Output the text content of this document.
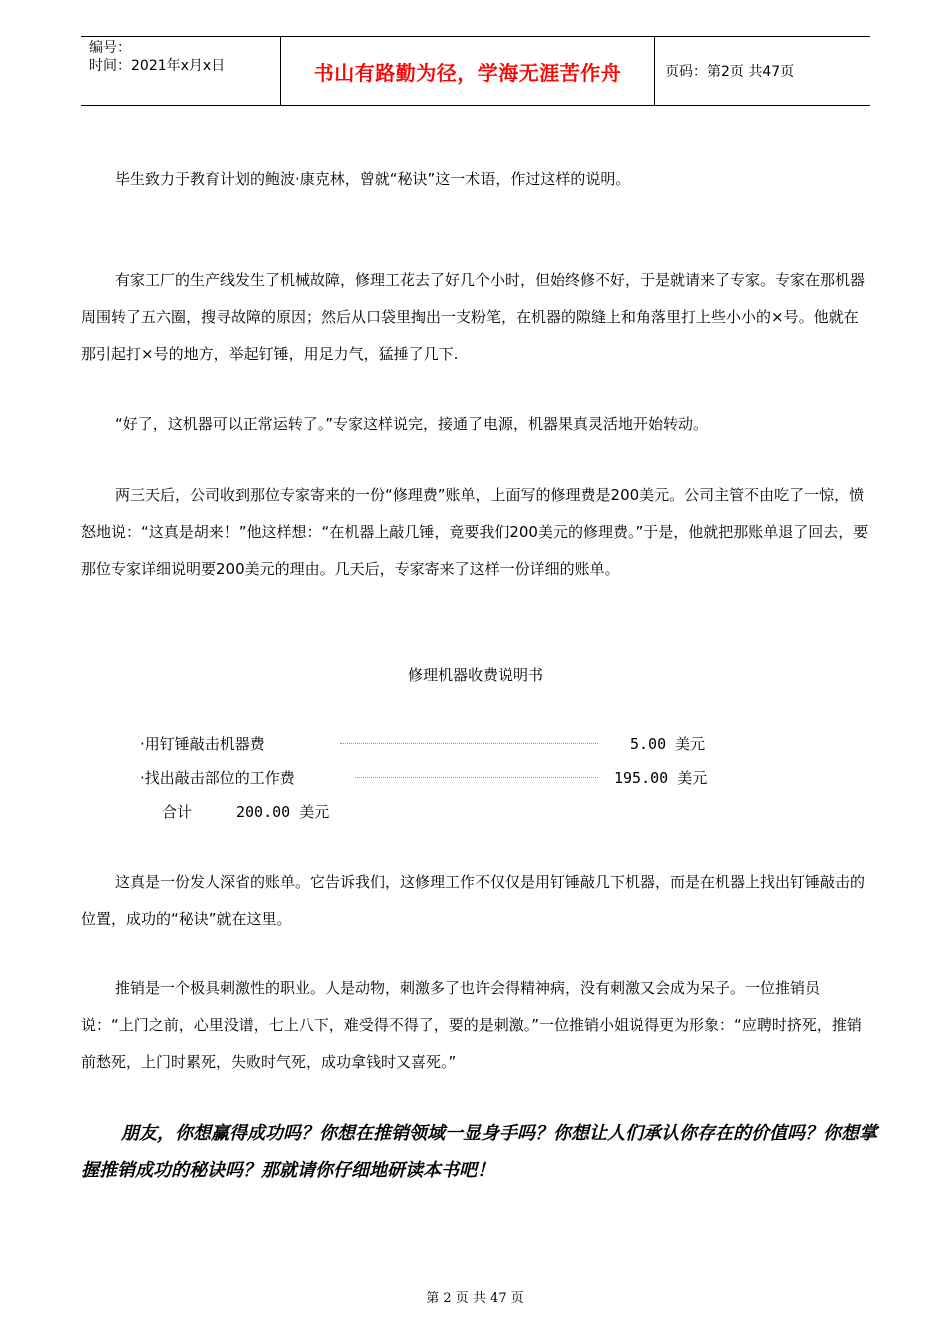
编号：
时间：2021年x月x日	书山有路勤为径，学海无涯苦作舟	页码：第2页 共47页

毕生致力于教育计划的鲍波·康克林，曾就“秘诀”这一术语，作过这样的说明。

有家工厂的生产线发生了机械故障，修理工花去了好几个小时，但始终修不好，于是就请来了专家。专家在那机器周围转了五六圈，搜寻故障的原因；然后从口袋里掏出一支粉笔，在机器的隙缝上和角落里打上些小小的×号。他就在那引起打×号的地方，举起钉锤，用足力气，猛捶了几下.

“好了，这机器可以正常运转了。”专家这样说完，接通了电源，机器果真灵活地开始转动。

两三天后，公司收到那位专家寄来的一份“修理费”账单，上面写的修理费是200美元。公司主管不由吃了一惊，愤怒地说：“这真是胡来！”他这样想：“在机器上敲几锤，竟要我们200美元的修理费。”于是，他就把那账单退了回去，要那位专家详细说明要200美元的理由。几天后，专家寄来了这样一份详细的账单。

修理机器收费说明书
·用钉锤敲击机器费	5.00 美元
·找出敲击部位的工作费	195.00 美元
合计	200.00 美元

这真是一份发人深省的账单。它告诉我们，这修理工作不仅仅是用钉锤敲几下机器，而是在机器上找出钉锤敲击的位置，成功的“秘诀”就在这里。

推销是一个极具刺激性的职业。人是动物，刺激多了也许会得精神病，没有刺激又会成为呆子。一位推销员说：“上门之前，心里没谱，七上八下，难受得不得了，要的是刺激。”一位推销小姐说得更为形象：“应聘时挤死，推销前愁死，上门时累死，失败时气死，成功拿钱时又喜死。”

朋友，你想赢得成功吗？你想在推销领域一显身手吗？你想让人们承认你存在的价值吗？你想掌握推销成功的秘诀吗？那就请你仔细地研读本书吧！

第 2 页 共 47 页
